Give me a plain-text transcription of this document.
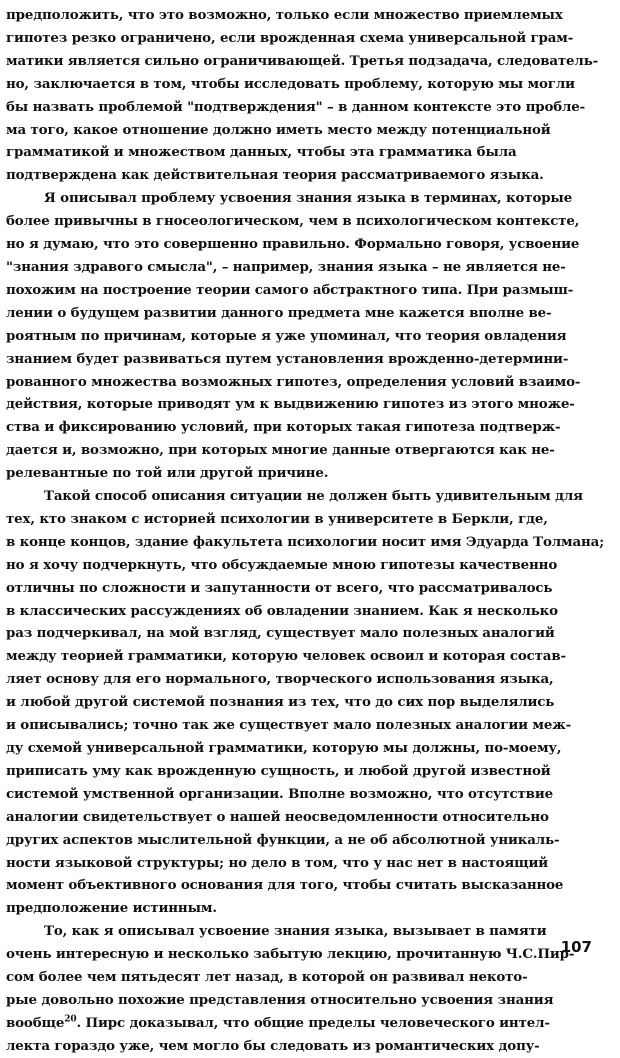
предположить, что это возможно, только если множество приемлемых
гипотез резко ограничено, если врожденная схема универсальной грам-
матики является сильно ограничивающей. Третья подзадача, следователь-
но, заключается в том, чтобы исследовать проблему, которую мы могли
бы назвать проблемой "подтверждения" – в данном контексте это пробле-
ма того, какое отношение должно иметь место между потенциальной
грамматикой и множеством данных, чтобы эта грамматика была
подтверждена как действительная теория рассматриваемого языка.
Я описывал проблему усвоения знания языка в терминах, которые
более привычны в гносеологическом, чем в психологическом контексте,
но я думаю, что это совершенно правильно. Формально говоря, усвоение
"знания здравого смысла", – например, знания языка – не является не-
похожим на построение теории самого абстрактного типа. При размыш-
лении о будущем развитии данного предмета мне кажется вполне ве-
роятным по причинам, которые я уже упоминал, что теория овладения
знанием будет развиваться путем установления врожденно-детермини-
рованного множества возможных гипотез, определения условий взаимо-
действия, которые приводят ум к выдвижению гипотез из этого множе-
ства и фиксированию условий, при которых такая гипотеза подтверж-
дается и, возможно, при которых многие данные отвергаются как не-
релевантные по той или другой причине.
Такой способ описания ситуации не должен быть удивительным для
тех, кто знаком с историей психологии в университете в Беркли, где,
в конце концов, здание факультета психологии носит имя Эдуарда Толмана;
но я хочу подчеркнуть, что обсуждаемые мною гипотезы качественно
отличны по сложности и запутанности от всего, что рассматривалось
в классических рассуждениях об овладении знанием. Как я несколько
раз подчеркивал, на мой взгляд, существует мало полезных аналогий
между теорией грамматики, которую человек освоил и которая состав-
ляет основу для его нормального, творческого использования языка,
и любой другой системой познания из тех, что до сих пор выделялись
и описывались; точно так же существует мало полезных аналогии меж-
ду схемой универсальной грамматики, которую мы должны, по-моему,
приписать уму как врожденную сущность, и любой другой известной
системой умственной организации. Вполне возможно, что отсутствие
аналогии свидетельствует о нашей неосведомленности относительно
других аспектов мыслительной функции, а не об абсолютной уникаль-
ности языковой структуры; но дело в том, что у нас нет в настоящий
момент объективного основания для того, чтобы считать высказанное
предположение истинным.
То, как я описывал усвоение знания языка, вызывает в памяти
очень интересную и несколько забытую лекцию, прочитанную Ч.С.Пир-
сом более чем пятьдесят лет назад, в которой он развивал некото-
рые довольно похожие представления относительно усвоения знания
вообще$^{20}$. Пирс доказывал, что общие пределы человеческого интел-
лекта гораздо уже, чем могло бы следовать из романтических допу-
107
